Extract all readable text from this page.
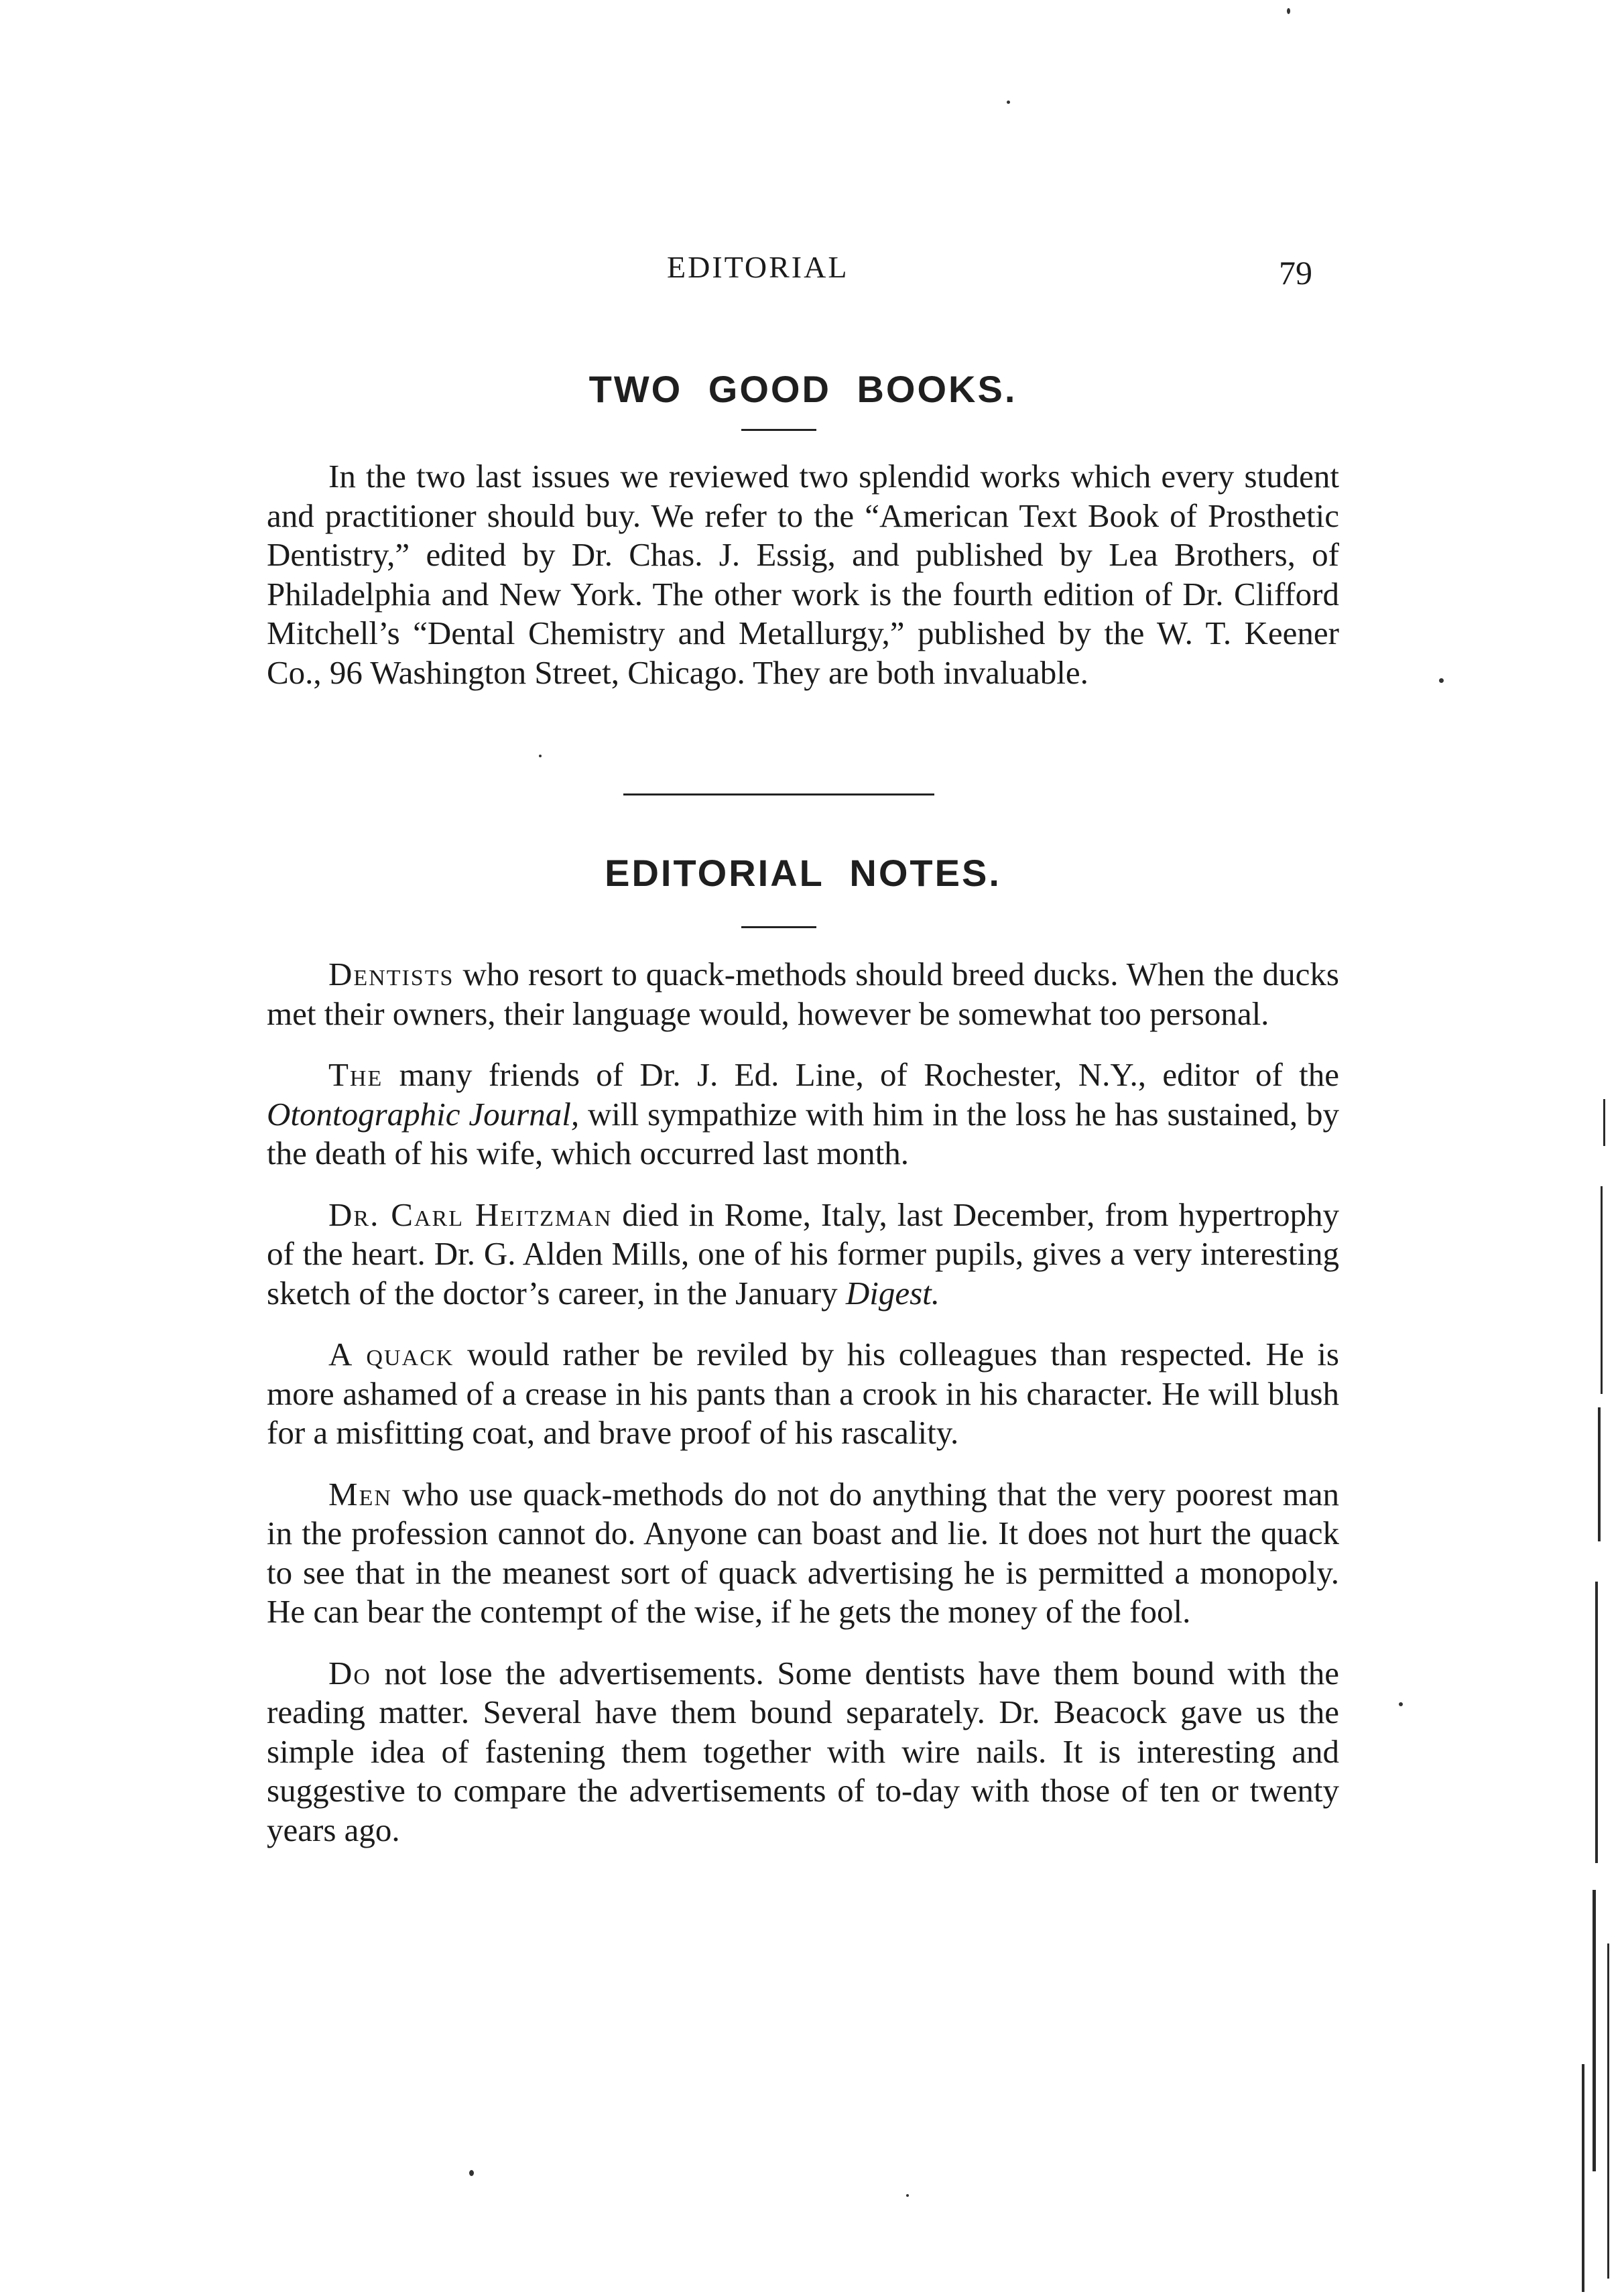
EDITORIAL	79
TWO GOOD BOOKS.

In the two last issues we reviewed two splendid works which every student and practitioner should buy. We refer to the “American Text Book of Prosthetic Dentistry,” edited by Dr. Chas. J. Essig, and published by Lea Brothers, of Philadelphia and New York. The other work is the fourth edition of Dr. Clifford Mitchell’s “Dental Chemistry and Metallurgy,” published by the W. T. Keener Co., 96 Washington Street, Chicago. They are both invaluable.

EDITORIAL NOTES.

Dentists who resort to quack-methods should breed ducks. When the ducks met their owners, their language would, however be somewhat too personal.

The many friends of Dr. J. Ed. Line, of Rochester, N.Y., editor of the Otontographic Journal, will sympathize with him in the loss he has sustained, by the death of his wife, which occurred last month.

Dr. Carl Heitzman died in Rome, Italy, last December, from hypertrophy of the heart. Dr. G. Alden Mills, one of his former pupils, gives a very interesting sketch of the doctor’s career, in the January Digest.

A quack would rather be reviled by his colleagues than respected. He is more ashamed of a crease in his pants than a crook in his character. He will blush for a misfitting coat, and brave proof of his rascality.

Men who use quack-methods do not do anything that the very poorest man in the profession cannot do. Anyone can boast and lie. It does not hurt the quack to see that in the meanest sort of quack advertising he is permitted a monopoly. He can bear the contempt of the wise, if he gets the money of the fool.

Do not lose the advertisements. Some dentists have them bound with the reading matter. Several have them bound separately. Dr. Beacock gave us the simple idea of fastening them together with wire nails. It is interesting and suggestive to compare the advertisements of to-day with those of ten or twenty years ago.
